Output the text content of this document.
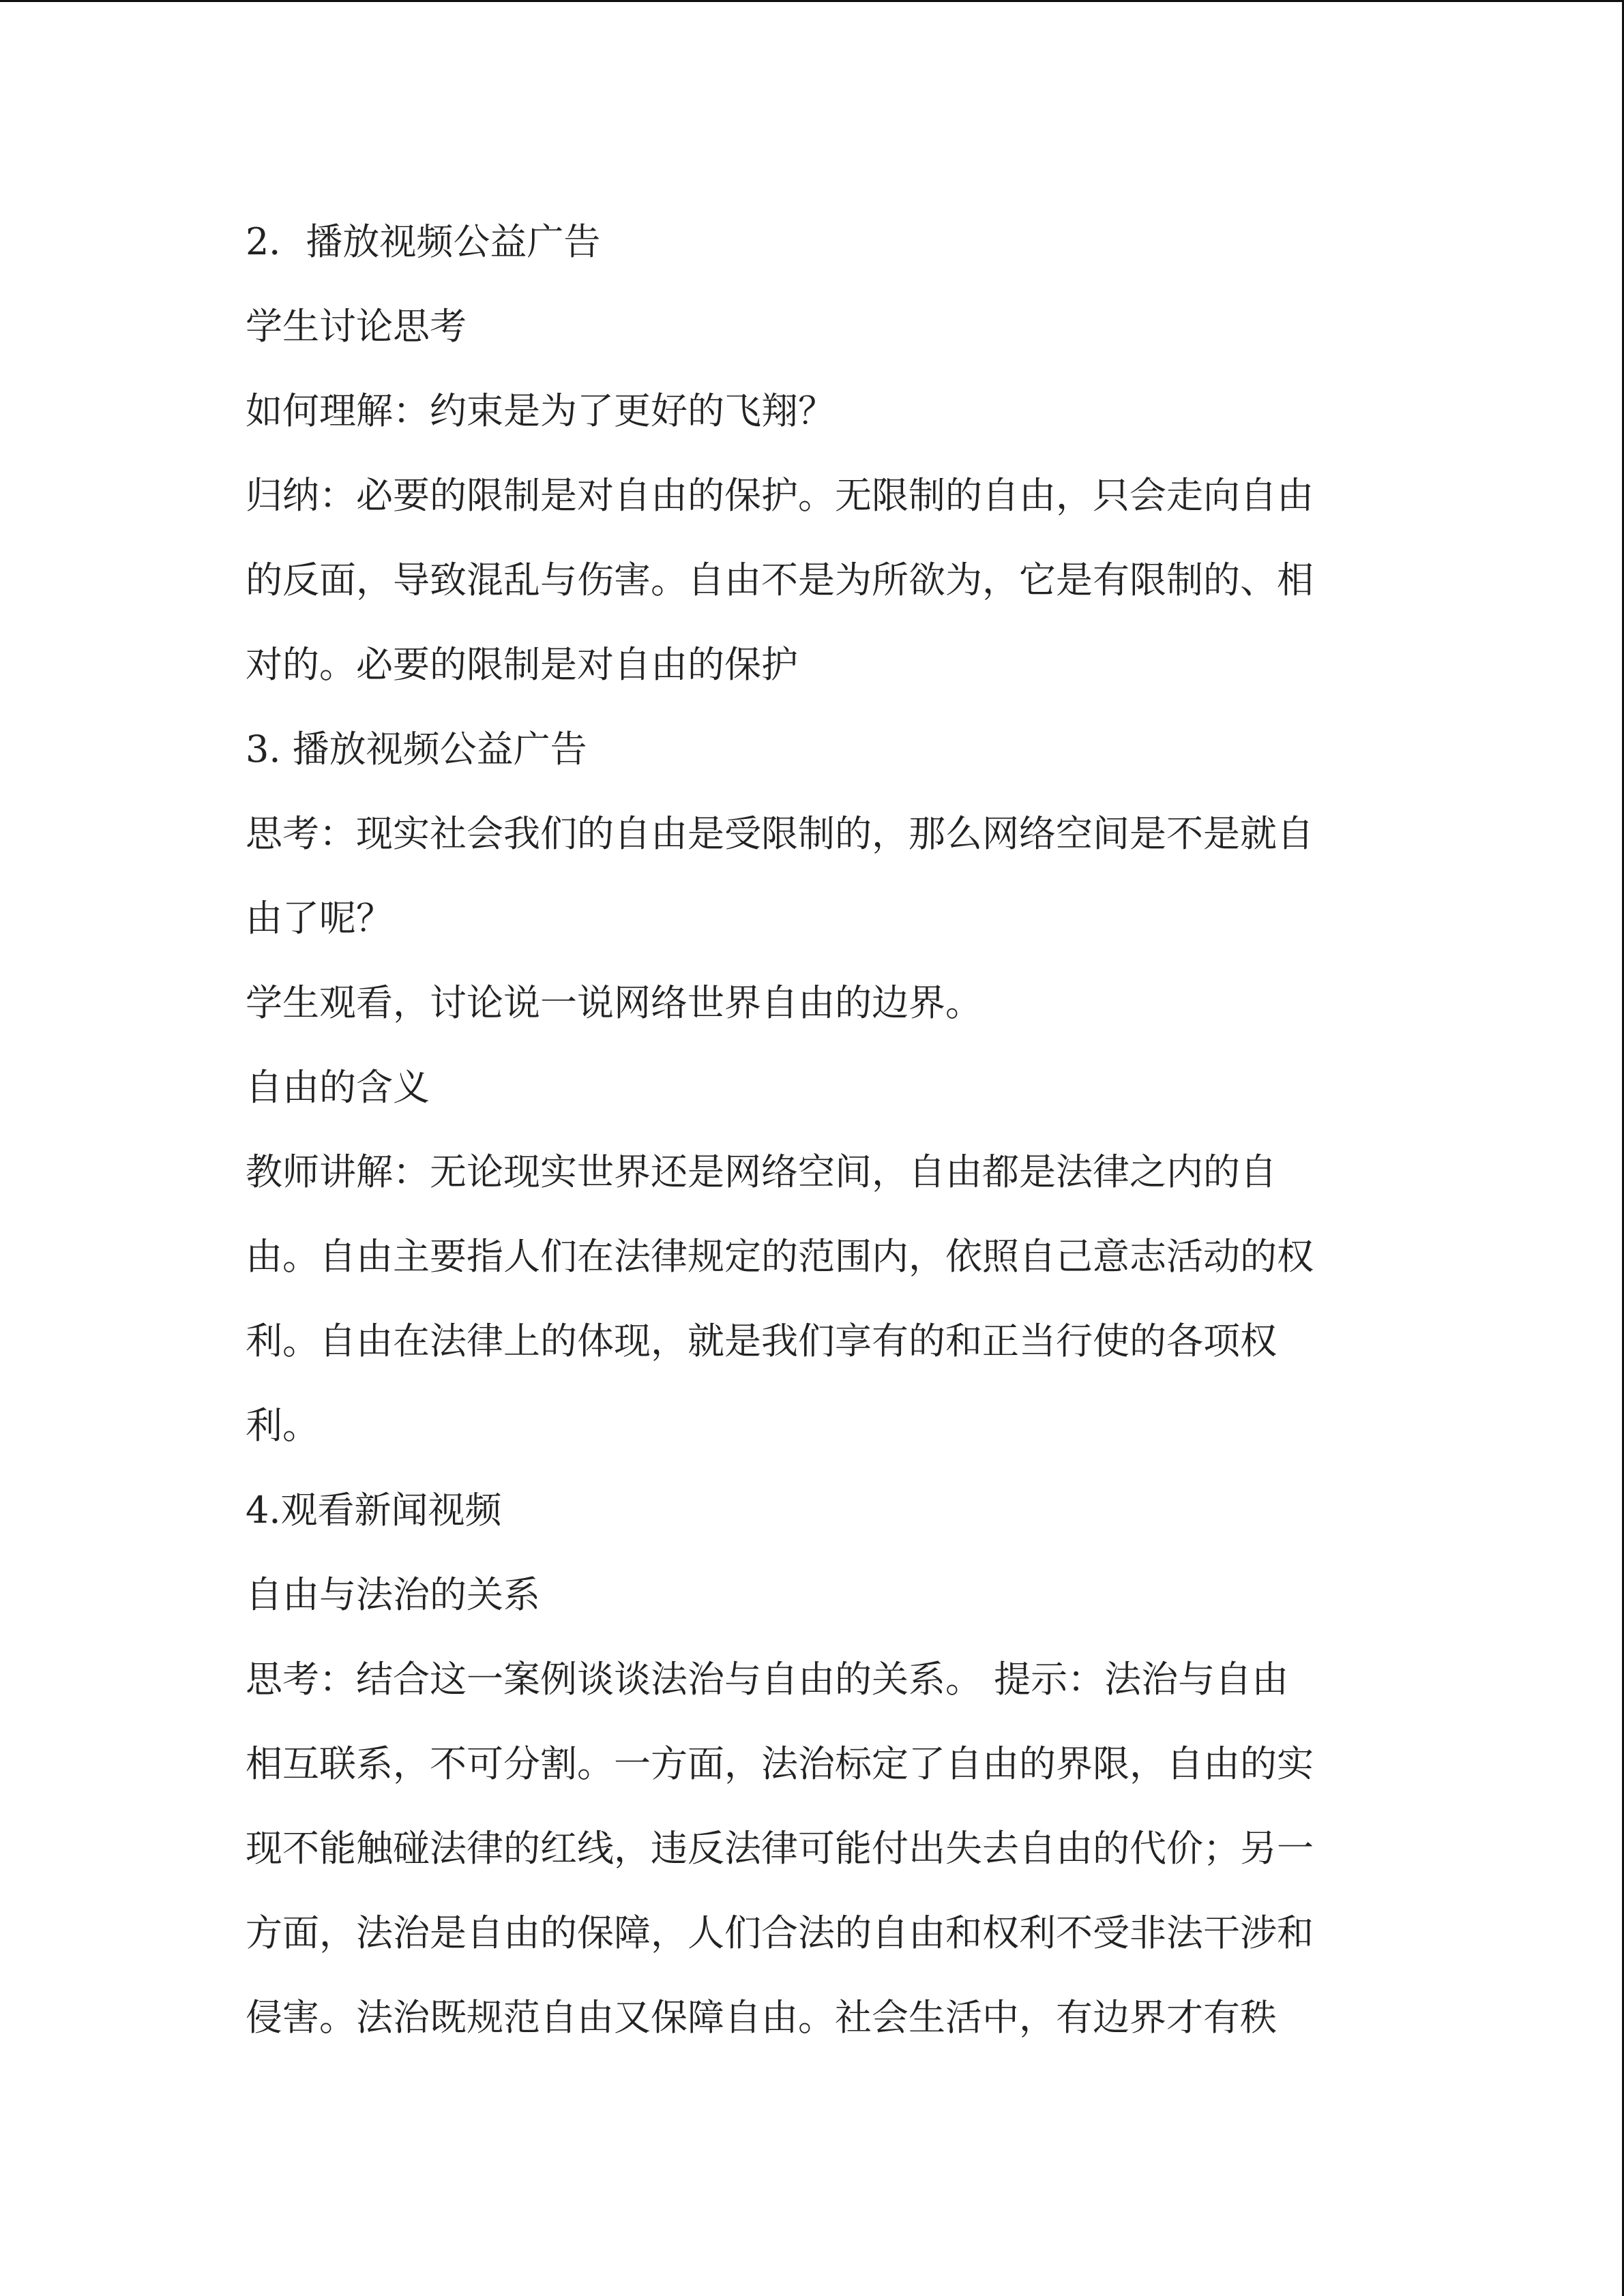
2．播放视频公益广告
学生讨论思考
如何理解：约束是为了更好的飞翔？
归纳：必要的限制是对自由的保护。无限制的自由，只会走向自由
的反面，导致混乱与伤害。自由不是为所欲为，它是有限制的、相
对的。必要的限制是对自由的保护
3. 播放视频公益广告
思考：现实社会我们的自由是受限制的，那么网络空间是不是就自
由了呢？
学生观看，讨论说一说网络世界自由的边界。
自由的含义
教师讲解：无论现实世界还是网络空间，自由都是法律之内的自
由。自由主要指人们在法律规定的范围内，依照自己意志活动的权
利。自由在法律上的体现，就是我们享有的和正当行使的各项权
利。
4.观看新闻视频
自由与法治的关系
思考：结合这一案例谈谈法治与自由的关系。 提示：法治与自由
相互联系，不可分割。一方面，法治标定了自由的界限，自由的实
现不能触碰法律的红线，违反法律可能付出失去自由的代价；另一
方面，法治是自由的保障，人们合法的自由和权利不受非法干涉和
侵害。法治既规范自由又保障自由。社会生活中，有边界才有秩
